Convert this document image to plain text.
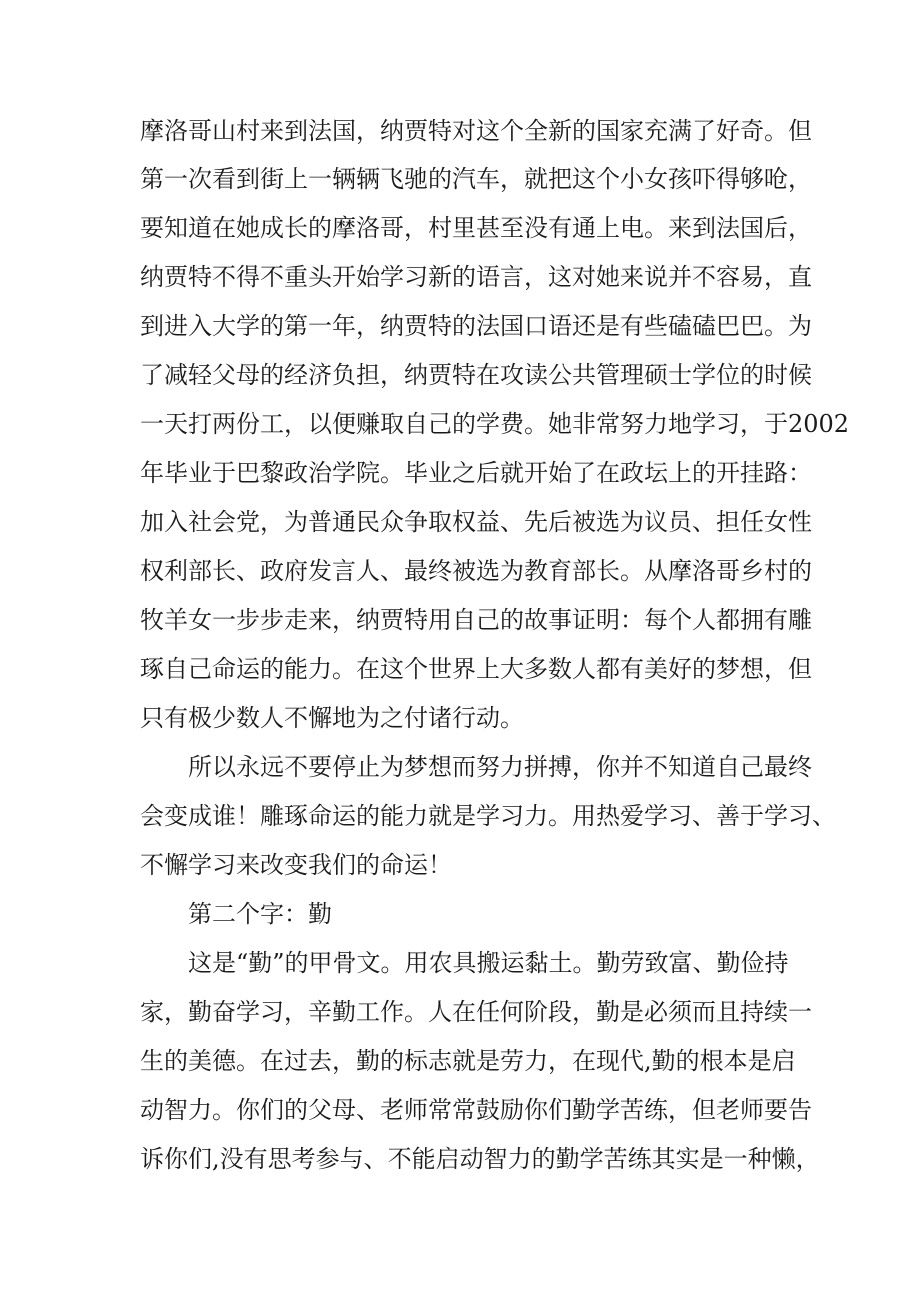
摩洛哥山村来到法国，纳贾特对这个全新的国家充满了好奇。但
第一次看到街上一辆辆飞驰的汽车，就把这个小女孩吓得够呛，
要知道在她成长的摩洛哥，村里甚至没有通上电。来到法国后，
纳贾特不得不重头开始学习新的语言，这对她来说并不容易，直
到进入大学的第一年，纳贾特的法国口语还是有些磕磕巴巴。为
了减轻父母的经济负担，纳贾特在攻读公共管理硕士学位的时候
一天打两份工，以便赚取自己的学费。她非常努力地学习，于2002
年毕业于巴黎政治学院。毕业之后就开始了在政坛上的开挂路：
加入社会党，为普通民众争取权益、先后被选为议员、担任女性
权利部长、政府发言人、最终被选为教育部长。从摩洛哥乡村的
牧羊女一步步走来，纳贾特用自己的故事证明：每个人都拥有雕
琢自己命运的能力。在这个世界上大多数人都有美好的梦想，但
只有极少数人不懈地为之付诸行动。
所以永远不要停止为梦想而努力拼搏，你并不知道自己最终
会变成谁！雕琢命运的能力就是学习力。用热爱学习、善于学习、
不懈学习来改变我们的命运！
第二个字：勤
这是“勤”的甲骨文。用农具搬运黏土。勤劳致富、勤俭持
家，勤奋学习，辛勤工作。人在任何阶段，勤是必须而且持续一
生的美德。在过去，勤的标志就是劳力，在现代,勤的根本是启
动智力。你们的父母、老师常常鼓励你们勤学苦练，但老师要告
诉你们,没有思考参与、不能启动智力的勤学苦练其实是一种懒，
